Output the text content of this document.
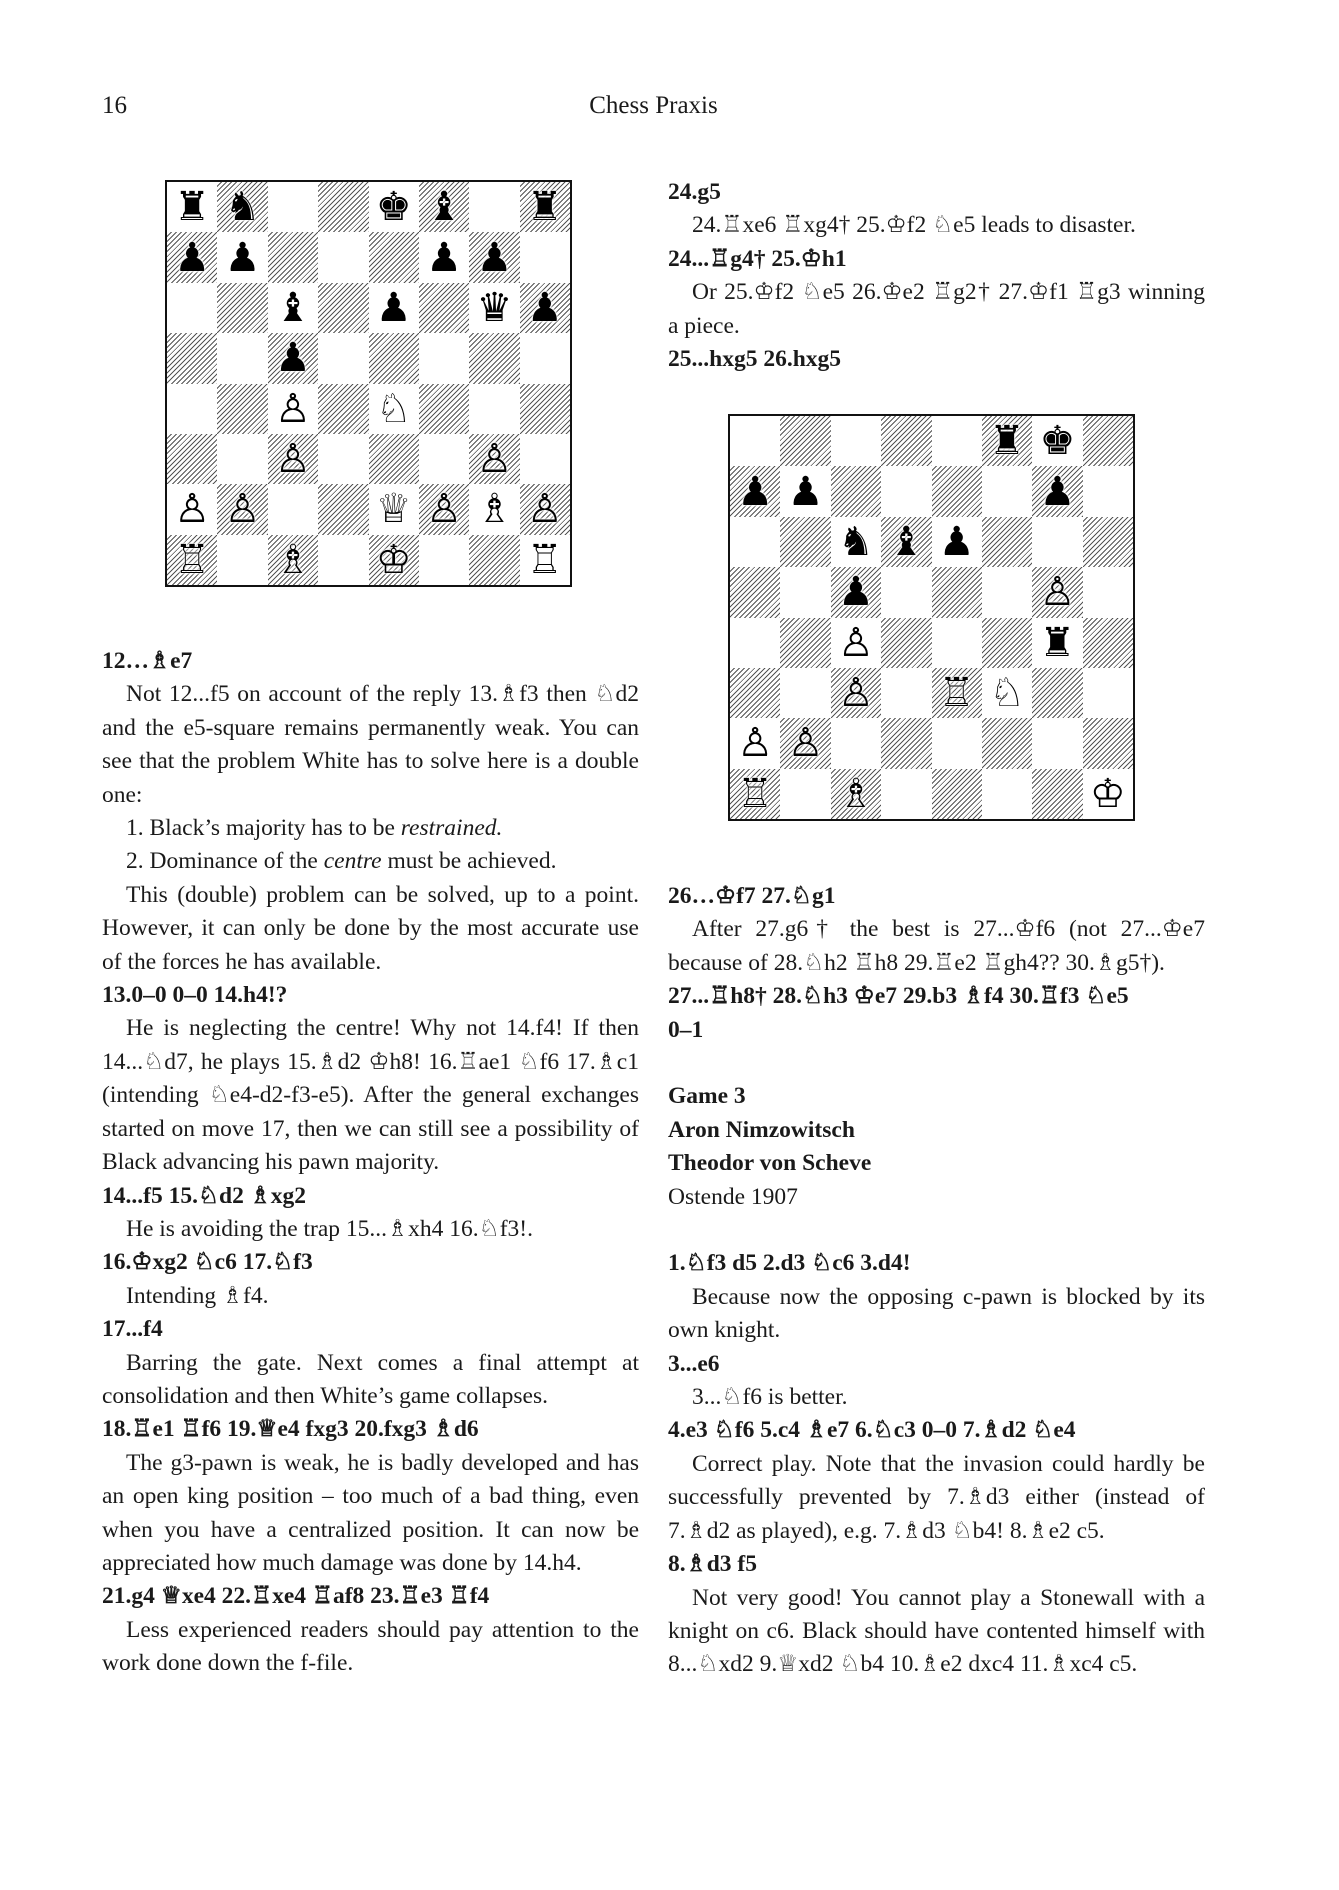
16	Chess Praxis
♜ ♞	♚ ♝ ♜
♟ ♟	♟ ♟
♝ ♟ ♛ ♟
♟
♙ ♘
♙	♙
♙ ♙	♕ ♙ ♗ ♙
♖ ♗ ♔	♖
♜ ♚
♟ ♟	♟
♞ ♝ ♟
♟	♙
♙	♜
♙ ♖ ♘
♙ ♙
♖ ♗	♔

12…♗e7

Not 12...f5 on account of the reply 13.♗f3 then ♘d2 and the e5-square remains permanently weak. You can see that the problem White has to solve here is a double one:

1. Black’s majority has to be restrained.

2. Dominance of the centre must be achieved.

This (double) problem can be solved, up to a point. However, it can only be done by the most accurate use of the forces he has available.

13.0–0 0–0 14.h4!?

He is neglecting the centre! Why not 14.f4! If then 14...♘d7, he plays 15.♗d2 ♔h8! 16.♖ae1 ♘f6 17.♗c1 (intending ♘e4-d2-f3-e5). After the general exchanges started on move 17, then we can still see a possibility of Black advancing his pawn majority.

14...f5 15.♘d2 ♗xg2

He is avoiding the trap 15...♗xh4 16.♘f3!.

16.♔xg2 ♘c6 17.♘f3

Intending ♗f4.

17...f4

Barring the gate. Next comes a final attempt at consolidation and then White’s game collapses.

18.♖e1 ♖f6 19.♕e4 fxg3 20.fxg3 ♗d6

The g3-pawn is weak, he is badly developed and has an open king position – too much of a bad thing, even when you have a centralized position. It can now be appreciated how much damage was done by 14.h4.

21.g4 ♕xe4 22.♖xe4 ♖af8 23.♖e3 ♖f4

Less experienced readers should pay attention to the work done down the f-file.

24.g5

24.♖xe6 ♖xg4† 25.♔f2 ♘e5 leads to disaster.

24...♖g4† 25.♔h1

Or 25.♔f2 ♘e5 26.♔e2 ♖g2† 27.♔f1 ♖g3 winning a piece.

25...hxg5 26.hxg5

26…♔f7 27.♘g1

After 27.g6† the best is 27...♔f6 (not 27...♔e7 because of 28.♘h2 ♖h8 29.♖e2 ♖gh4?? 30.♗g5†).

27...♖h8† 28.♘h3 ♔e7 29.b3 ♗f4 30.♖f3 ♘e5

0–1

Game 3

Aron Nimzowitsch

Theodor von Scheve

Ostende 1907

1.♘f3 d5 2.d3 ♘c6 3.d4!

Because now the opposing c-pawn is blocked by its own knight.

3...e6

3...♘f6 is better.

4.e3 ♘f6 5.c4 ♗e7 6.♘c3 0–0 7.♗d2 ♘e4

Correct play. Note that the invasion could hardly be successfully prevented by 7.♗d3 either (instead of 7.♗d2 as played), e.g. 7.♗d3 ♘b4! 8.♗e2 c5.

8.♗d3 f5

Not very good! You cannot play a Stonewall with a knight on c6. Black should have contented himself with 8...♘xd2 9.♕xd2 ♘b4 10.♗e2 dxc4 11.♗xc4 c5.
